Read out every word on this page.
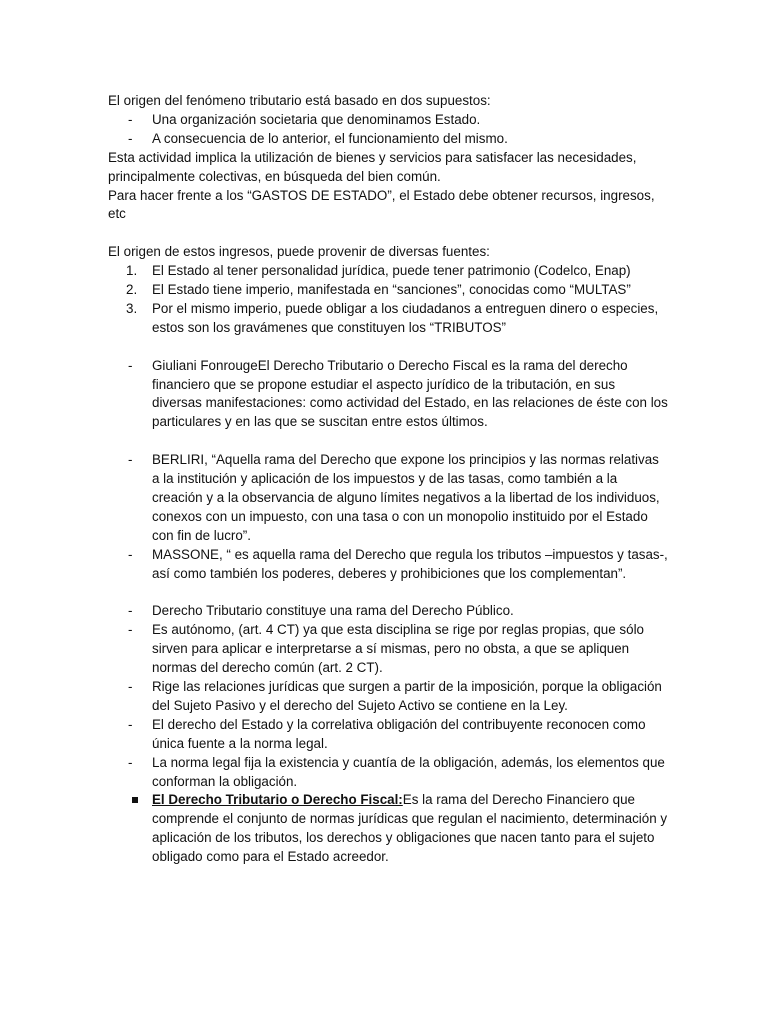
El origen del fenómeno tributario está basado en dos supuestos:

-	Una organización societaria que denominamos Estado.
-	A consecuencia de lo anterior, el funcionamiento del mismo.

Esta actividad implica la utilización de bienes y servicios para satisfacer las necesidades, principalmente colectivas, en búsqueda del bien común.

Para hacer frente a los “GASTOS DE ESTADO”, el Estado debe obtener recursos, ingresos, etc

El origen de estos ingresos, puede provenir de diversas fuentes:

1.	El Estado al tener personalidad jurídica, puede tener patrimonio (Codelco, Enap)
2.	El Estado tiene imperio, manifestada en “sanciones”, conocidas como “MULTAS”
3.	Por el mismo imperio, puede obligar a los ciudadanos a entreguen dinero o especies, estos son los gravámenes que constituyen los “TRIBUTOS”
-	Giuliani FonrougeEl Derecho Tributario o Derecho Fiscal es la rama del derecho financiero que se propone estudiar el aspecto jurídico de la tributación, en sus diversas manifestaciones: como actividad del Estado, en las relaciones de éste con los particulares y en las que se suscitan entre estos últimos.
-	BERLIRI, “Aquella rama del Derecho que expone los principios y las normas relativas a la institución y aplicación de los impuestos y de las tasas, como también a la creación y a la observancia de alguno límites negativos a la libertad de los individuos, conexos con un impuesto, con una tasa o con un monopolio instituido por el Estado con fin de lucro”.
-	MASSONE, “ es aquella rama del Derecho que regula los tributos –impuestos y tasas-, así como también los poderes, deberes y prohibiciones que los complementan”.
-	Derecho Tributario constituye una rama del Derecho Público.
-	Es autónomo, (art. 4 CT) ya que esta disciplina se rige por reglas propias, que sólo sirven para aplicar e interpretarse a sí mismas, pero no obsta, a que se apliquen normas del derecho común (art. 2 CT).
-	Rige las relaciones jurídicas que surgen a partir de la imposición, porque la obligación del Sujeto Pasivo y el derecho del Sujeto Activo se contiene en la Ley.
-	El derecho del Estado y la correlativa obligación del contribuyente reconocen como única fuente a la norma legal.
-	La norma legal fija la existencia y cuantía de la obligación, además, los elementos que conforman la obligación.
El Derecho Tributario o Derecho Fiscal:Es la rama del Derecho Financiero que comprende el conjunto de normas jurídicas que regulan el nacimiento, determinación y aplicación de los tributos, los derechos y obligaciones que nacen tanto para el sujeto obligado como para el Estado acreedor.
